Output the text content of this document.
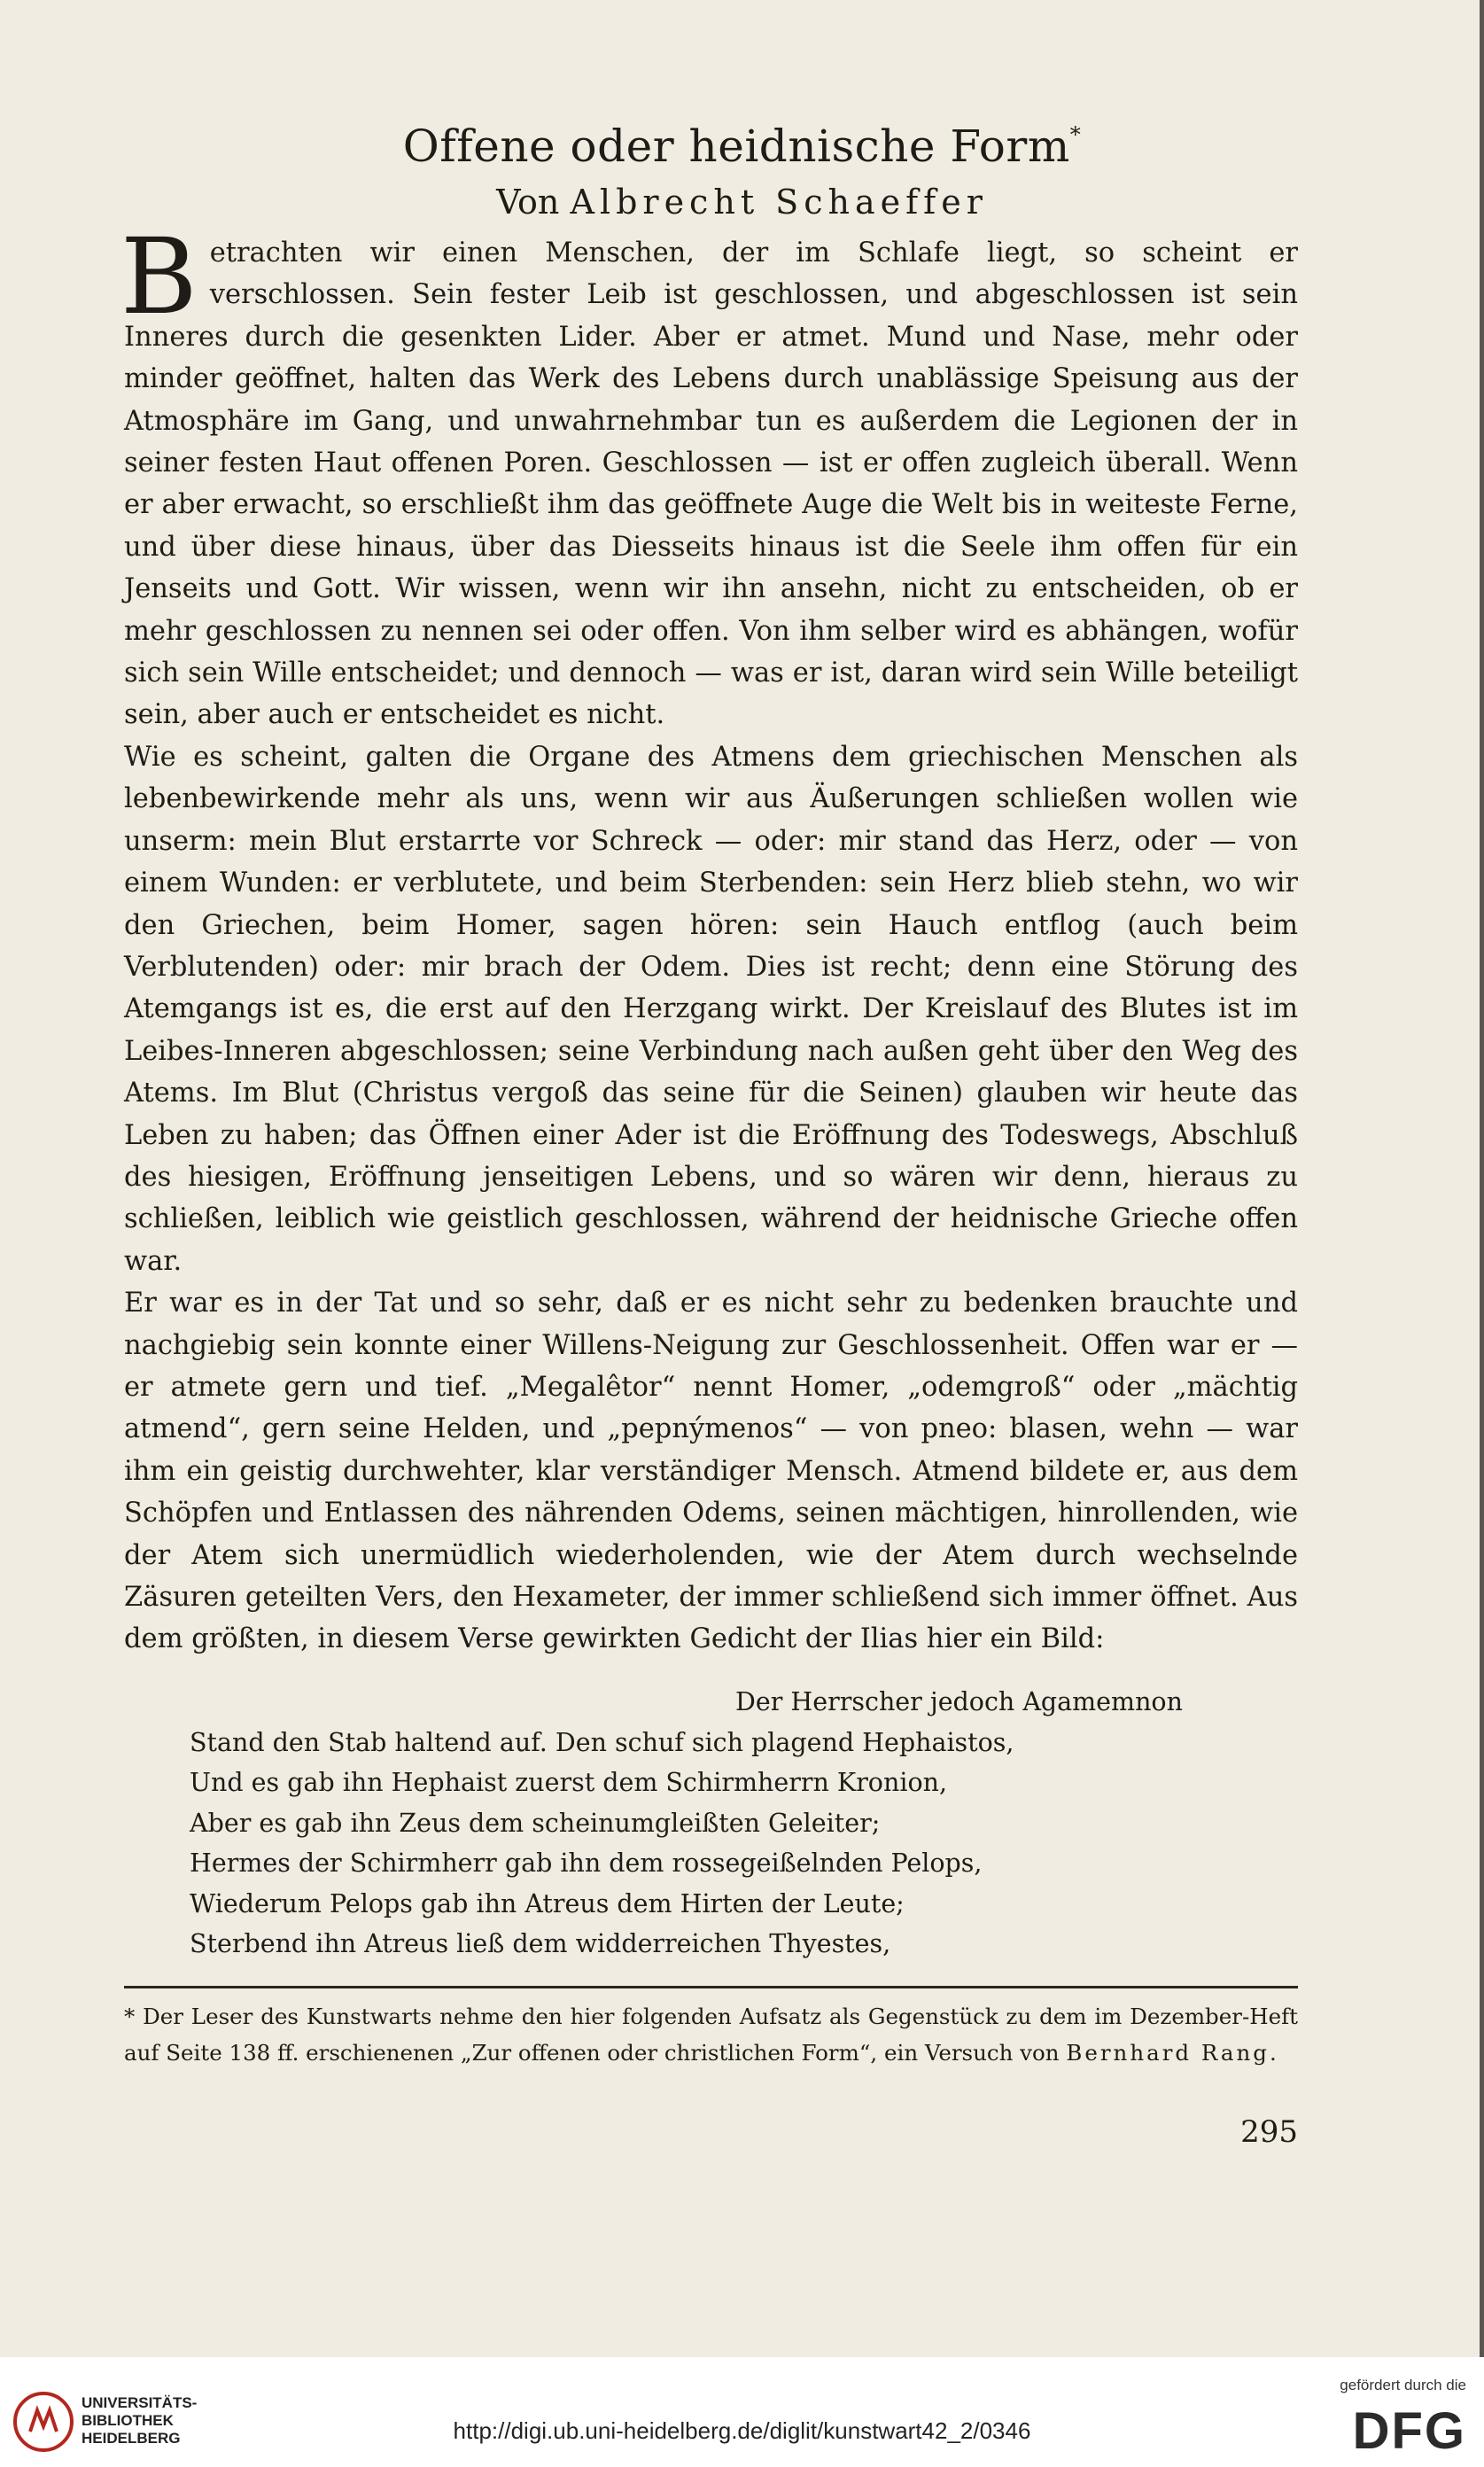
Offene oder heidnische Form*
Von Albrecht Schaeffer

Betrachten wir einen Menschen, der im Schlafe liegt, so scheint er verschlossen. Sein fester Leib ist geschlossen, und abgeschlossen ist sein Inneres durch die gesenkten Lider. Aber er atmet. Mund und Nase, mehr oder minder geöffnet, halten das Werk des Lebens durch unablässige Speisung aus der Atmosphäre im Gang, und unwahrnehmbar tun es außerdem die Legionen der in seiner festen Haut offenen Poren. Geschlossen — ist er offen zugleich überall. Wenn er aber erwacht, so erschließt ihm das geöffnete Auge die Welt bis in weiteste Ferne, und über diese hinaus, über das Diesseits hinaus ist die Seele ihm offen für ein Jenseits und Gott. Wir wissen, wenn wir ihn ansehn, nicht zu entscheiden, ob er mehr geschlossen zu nennen sei oder offen. Von ihm selber wird es abhängen, wofür sich sein Wille entscheidet; und dennoch — was er ist, daran wird sein Wille beteiligt sein, aber auch er entscheidet es nicht.

Wie es scheint, galten die Organe des Atmens dem griechischen Menschen als lebenbewirkende mehr als uns, wenn wir aus Äußerungen schließen wollen wie unserm: mein Blut erstarrte vor Schreck — oder: mir stand das Herz, oder — von einem Wunden: er verblutete, und beim Sterbenden: sein Herz blieb stehn, wo wir den Griechen, beim Homer, sagen hören: sein Hauch entflog (auch beim Verblutenden) oder: mir brach der Odem. Dies ist recht; denn eine Störung des Atemgangs ist es, die erst auf den Herzgang wirkt. Der Kreislauf des Blutes ist im Leibes-Inneren abgeschlossen; seine Verbindung nach außen geht über den Weg des Atems. Im Blut (Christus vergoß das seine für die Seinen) glauben wir heute das Leben zu haben; das Öffnen einer Ader ist die Eröffnung des Todeswegs, Abschluß des hiesigen, Eröffnung jenseitigen Lebens, und so wären wir denn, hieraus zu schließen, leiblich wie geistlich geschlossen, während der heidnische Grieche offen war.

Er war es in der Tat und so sehr, daß er es nicht sehr zu bedenken brauchte und nachgiebig sein konnte einer Willens-Neigung zur Geschlossenheit. Offen war er — er atmete gern und tief. „Megalêtor“ nennt Homer, „odemgroß“ oder „mächtig atmend“, gern seine Helden, und „pepnýmenos“ — von pneo: blasen, wehn — war ihm ein geistig durchwehter, klar verständiger Mensch. Atmend bildete er, aus dem Schöpfen und Entlassen des nährenden Odems, seinen mächtigen, hinrollenden, wie der Atem sich unermüdlich wiederholenden, wie der Atem durch wechselnde Zäsuren geteilten Vers, den Hexameter, der immer schließend sich immer öffnet. Aus dem größten, in diesem Verse gewirkten Gedicht der Ilias hier ein Bild:

Der Herrscher jedoch Agamemnon
Stand den Stab haltend auf. Den schuf sich plagend Hephaistos,
Und es gab ihn Hephaist zuerst dem Schirmherrn Kronion,
Aber es gab ihn Zeus dem scheinumgleißten Geleiter;
Hermes der Schirmherr gab ihn dem rossegeißelnden Pelops,
Wiederum Pelops gab ihn Atreus dem Hirten der Leute;
Sterbend ihn Atreus ließ dem widderreichen Thyestes,
* Der Leser des Kunstwarts nehme den hier folgenden Aufsatz als Gegenstück zu dem im Dezember-Heft auf Seite 138 ff. erschienenen „Zur offenen oder christlichen Form“, ein Versuch von Bernhard Rang.
295
UNIVERSITÄTS-
BIBLIOTHEK
HEIDELBERG	http://digi.ub.uni-heidelberg.de/diglit/kunstwart42_2/0346
gefördert durch die
DFG
